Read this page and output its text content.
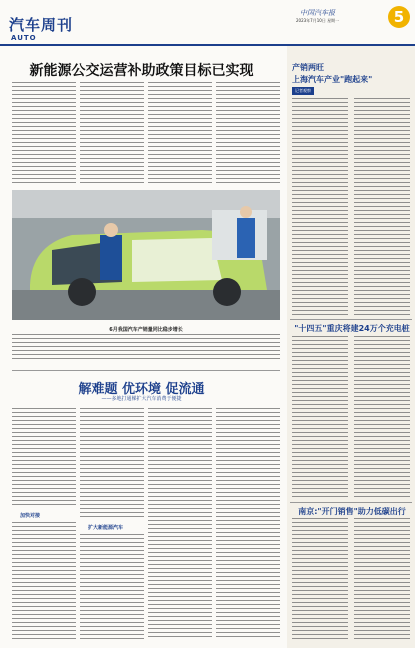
汽车周刊
AUTO
中国汽车报
2023年7月10日 星期一	5
新能源公交运营补助政策目标已实现
6月我国汽车产销量同比稳步增长
解难题 优环境 促流通
——多地打通梯扩大汽车消费于便捷
加快对接
扩大新能源汽车
产销两旺
上海汽车产业"跑起来"
记者观察
"十四五"重庆将建24万个充电桩
南京:"开门销售"助力低碳出行
